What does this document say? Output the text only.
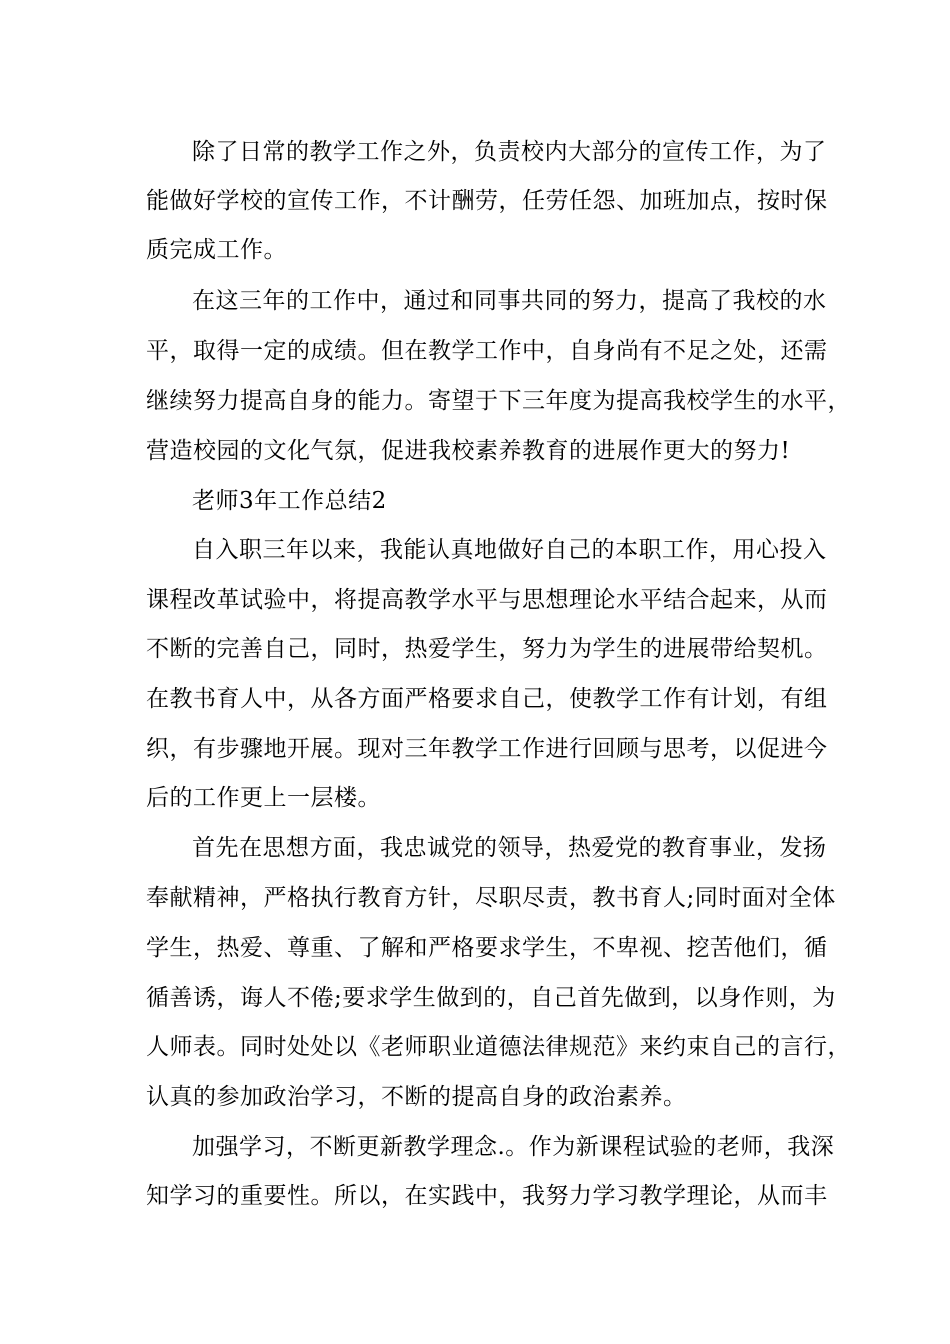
除了日常的教学工作之外，负责校内大部分的宣传工作，为了
能做好学校的宣传工作，不计酬劳，任劳任怨、加班加点，按时保
质完成工作。
在这三年的工作中，通过和同事共同的努力，提高了我校的水
平，取得一定的成绩。但在教学工作中，自身尚有不足之处，还需
继续努力提高自身的能力。寄望于下三年度为提高我校学生的水平，
营造校园的文化气氛，促进我校素养教育的进展作更大的努力!
老师3年工作总结2
自入职三年以来，我能认真地做好自己的本职工作，用心投入
课程改革试验中，将提高教学水平与思想理论水平结合起来，从而
不断的完善自己，同时，热爱学生，努力为学生的进展带给契机。
在教书育人中，从各方面严格要求自己，使教学工作有计划，有组
织，有步骤地开展。现对三年教学工作进行回顾与思考，以促进今
后的工作更上一层楼。
首先在思想方面，我忠诚党的领导，热爱党的教育事业，发扬
奉献精神，严格执行教育方针，尽职尽责，教书育人;同时面对全体
学生，热爱、尊重、了解和严格要求学生，不卑视、挖苦他们，循
循善诱，诲人不倦;要求学生做到的，自己首先做到，以身作则，为
人师表。同时处处以《老师职业道德法律规范》来约束自己的言行，
认真的参加政治学习，不断的提高自身的政治素养。
加强学习，不断更新教学理念.。作为新课程试验的老师，我深
知学习的重要性。所以，在实践中，我努力学习教学理论，从而丰
